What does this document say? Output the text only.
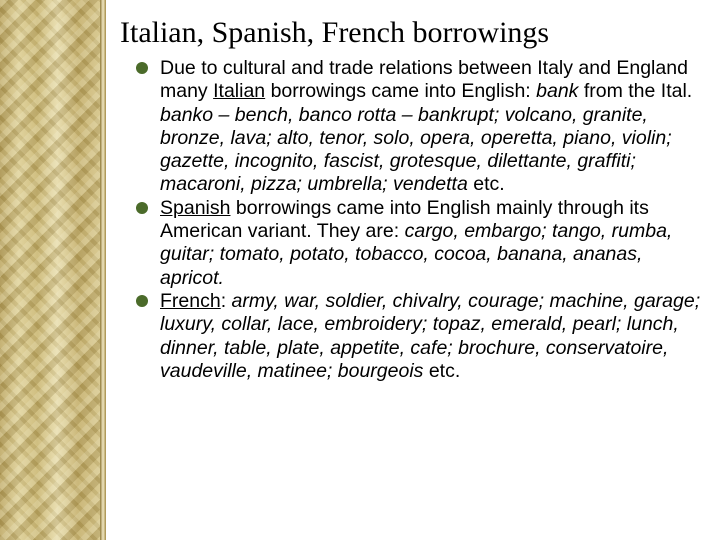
Italian, Spanish, French borrowings
Due to cultural and trade relations between Italy and England many Italian borrowings came into English: bank from the Ital. banko – bench, banco rotta – bankrupt; volcano, granite, bronze, lava; alto, tenor, solo, opera, operetta, piano, violin; gazette, incognito, fascist, grotesque, dilettante, graffiti; macaroni, pizza; umbrella; vendetta etc.
Spanish borrowings came into English mainly through its American variant. They are: cargo, embargo; tango, rumba, guitar; tomato, potato, tobacco, cocoa, banana, ananas, apricot.
French: army, war, soldier, chivalry, courage; machine, garage; luxury, collar, lace, embroidery; topaz, emerald, pearl; lunch, dinner, table, plate, appetite, cafe; brochure, conservatoire, vaudeville, matinee; bourgeois etc.
